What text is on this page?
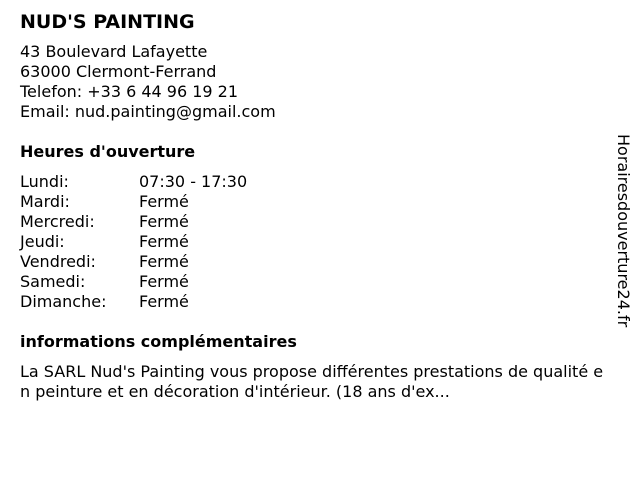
NUD'S PAINTING
43 Boulevard Lafayette
63000 Clermont-Ferrand
Telefon: +33 6 44 96 19 21
Email: nud.painting@gmail.com
Heures d'ouverture
Lundi:	07:30 - 17:30
Mardi:	Fermé
Mercredi:	Fermé
Jeudi:	Fermé
Vendredi:	Fermé
Samedi:	Fermé
Dimanche: Fermé
informations complémentaires
La SARL Nud's Painting vous propose différentes prestations de qualité en peinture et en décoration d'intérieur. (18 ans d'ex...
Horairesdouverture24.fr
